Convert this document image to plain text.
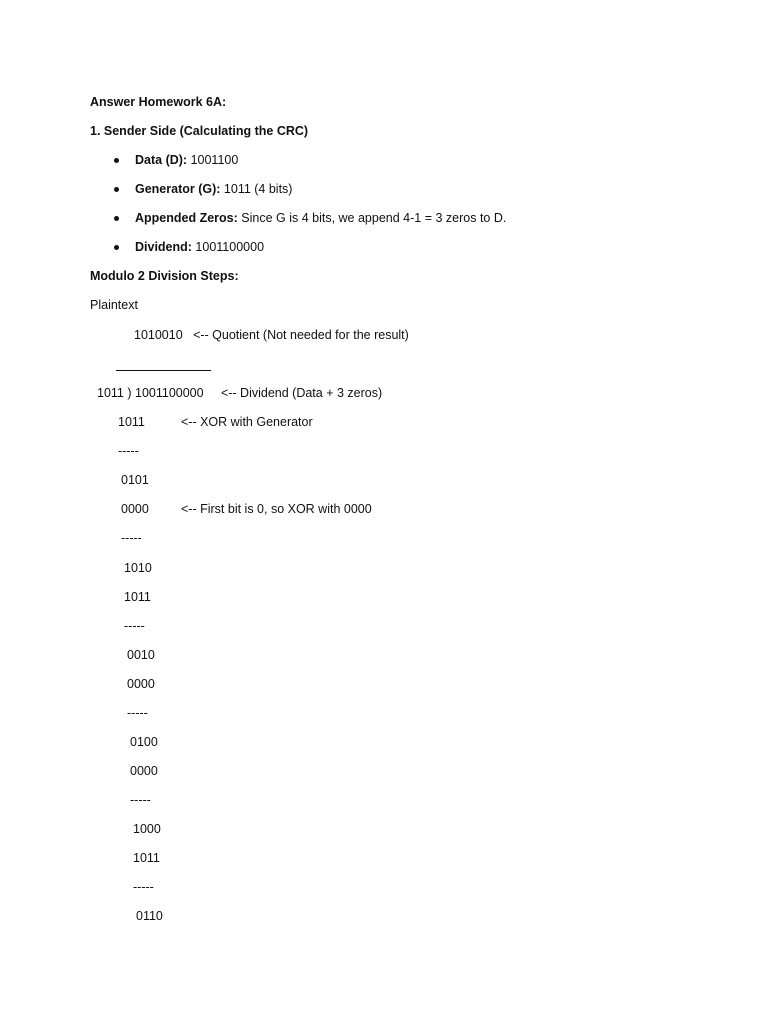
Answer Homework 6A:
1. Sender Side (Calculating the CRC)
Data (D): 1001100
Generator (G): 1011 (4 bits)
Appended Zeros: Since G is 4 bits, we append 4-1 = 3 zeros to D.
Dividend: 1001100000
Modulo 2 Division Steps:
Plaintext
1010010   <-- Quotient (Not needed for the result)
1011 ) 1001100000     <-- Dividend (Data + 3 zeros)
1011	<-- XOR with Generator
-----
0101
0000	<-- First bit is 0, so XOR with 0000
-----
1010
1011
-----
0010
0000
-----
0100
0000
-----
1000
1011
-----
0110
